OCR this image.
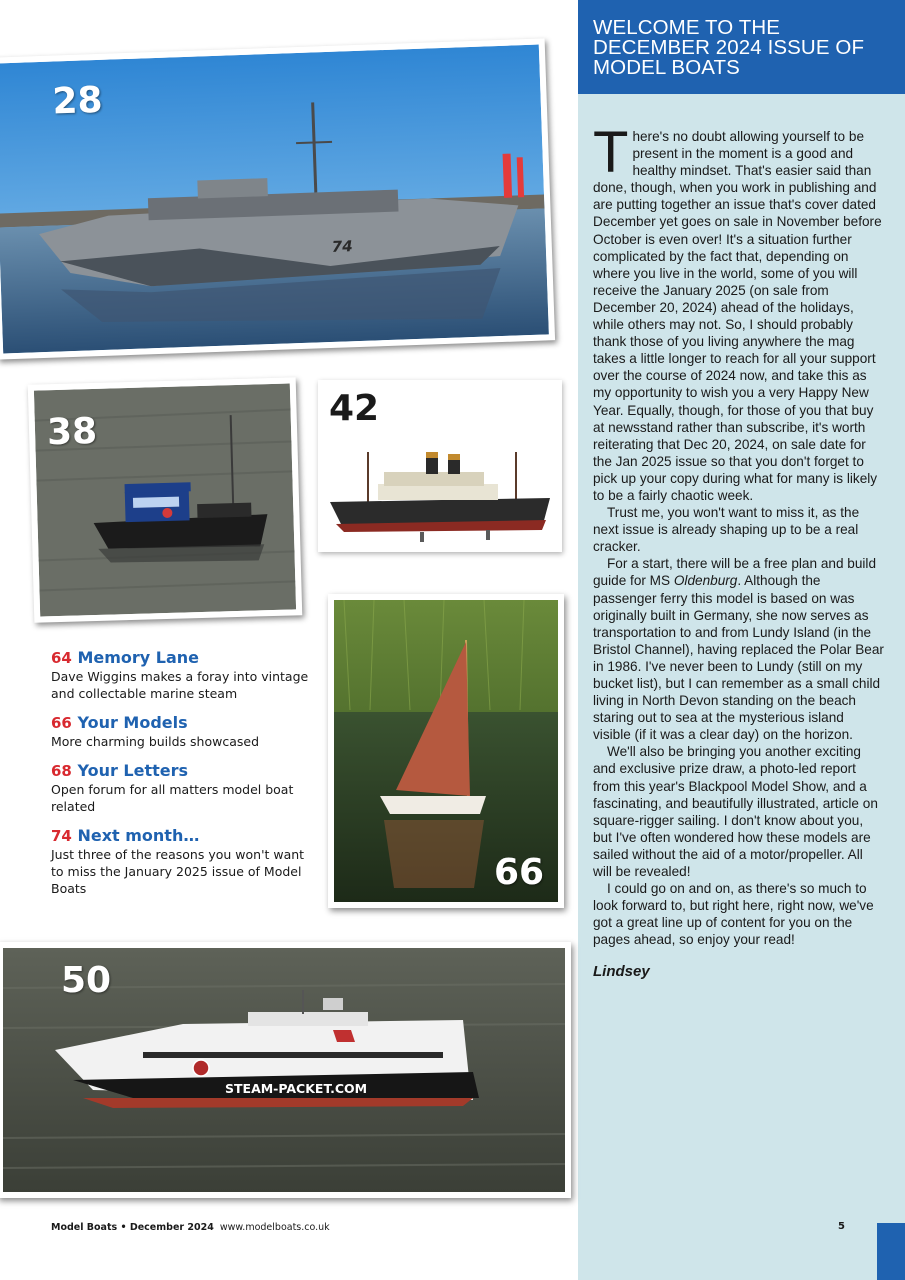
WELCOME TO THE DECEMBER 2024 ISSUE OF MODEL BOATS

There's no doubt allowing yourself to be present in the moment is a good and healthy mindset. That's easier said than done, though, when you work in publishing and are putting together an issue that's cover dated December yet goes on sale in November before October is even over! It's a situation further complicated by the fact that, depending on where you live in the world, some of you will receive the January 2025 (on sale from December 20, 2024) ahead of the holidays, while others may not. So, I should probably thank those of you living anywhere the mag takes a little longer to reach for all your support over the course of 2024 now, and take this as my opportunity to wish you a very Happy New Year. Equally, though, for those of you that buy at newsstand rather than subscribe, it's worth reiterating that Dec 20, 2024, on sale date for the Jan 2025 issue so that you don't forget to pick up your copy during what for many is likely to be a fairly chaotic week.

Trust me, you won't want to miss it, as the next issue is already shaping up to be a real cracker.

For a start, there will be a free plan and build guide for MS Oldenburg. Although the passenger ferry this model is based on was originally built in Germany, she now serves as transportation to and from Lundy Island (in the Bristol Channel), having replaced the Polar Bear in 1986. I've never been to Lundy (still on my bucket list), but I can remember as a small child living in North Devon standing on the beach staring out to sea at the mysterious island visible (if it was a clear day) on the horizon.

We'll also be bringing you another exciting and exclusive prize draw, a photo-led report from this year's Blackpool Model Show, and a fascinating, and beautifully illustrated, article on square-rigger sailing. I don't know about you, but I've often wondered how these models are sailed without the aid of a motor/propeller. All will be revealed!

I could go on and on, as there's so much to look forward to, but right here, right now, we've got a great line up of content for you on the pages ahead, so enjoy your read!

Lindsey
74
28
38
42
66
64 Memory Lane
Dave Wiggins makes a foray into vintage and collectable marine steam
66 Your Models
More charming builds showcased
68 Your Letters
Open forum for all matters model boat related
74 Next month…
Just three of the reasons you won't want to miss the January 2025 issue of Model Boats
STEAM-PACKET.COM
50
Model Boats • December 2024 www.modelboats.co.uk	5
